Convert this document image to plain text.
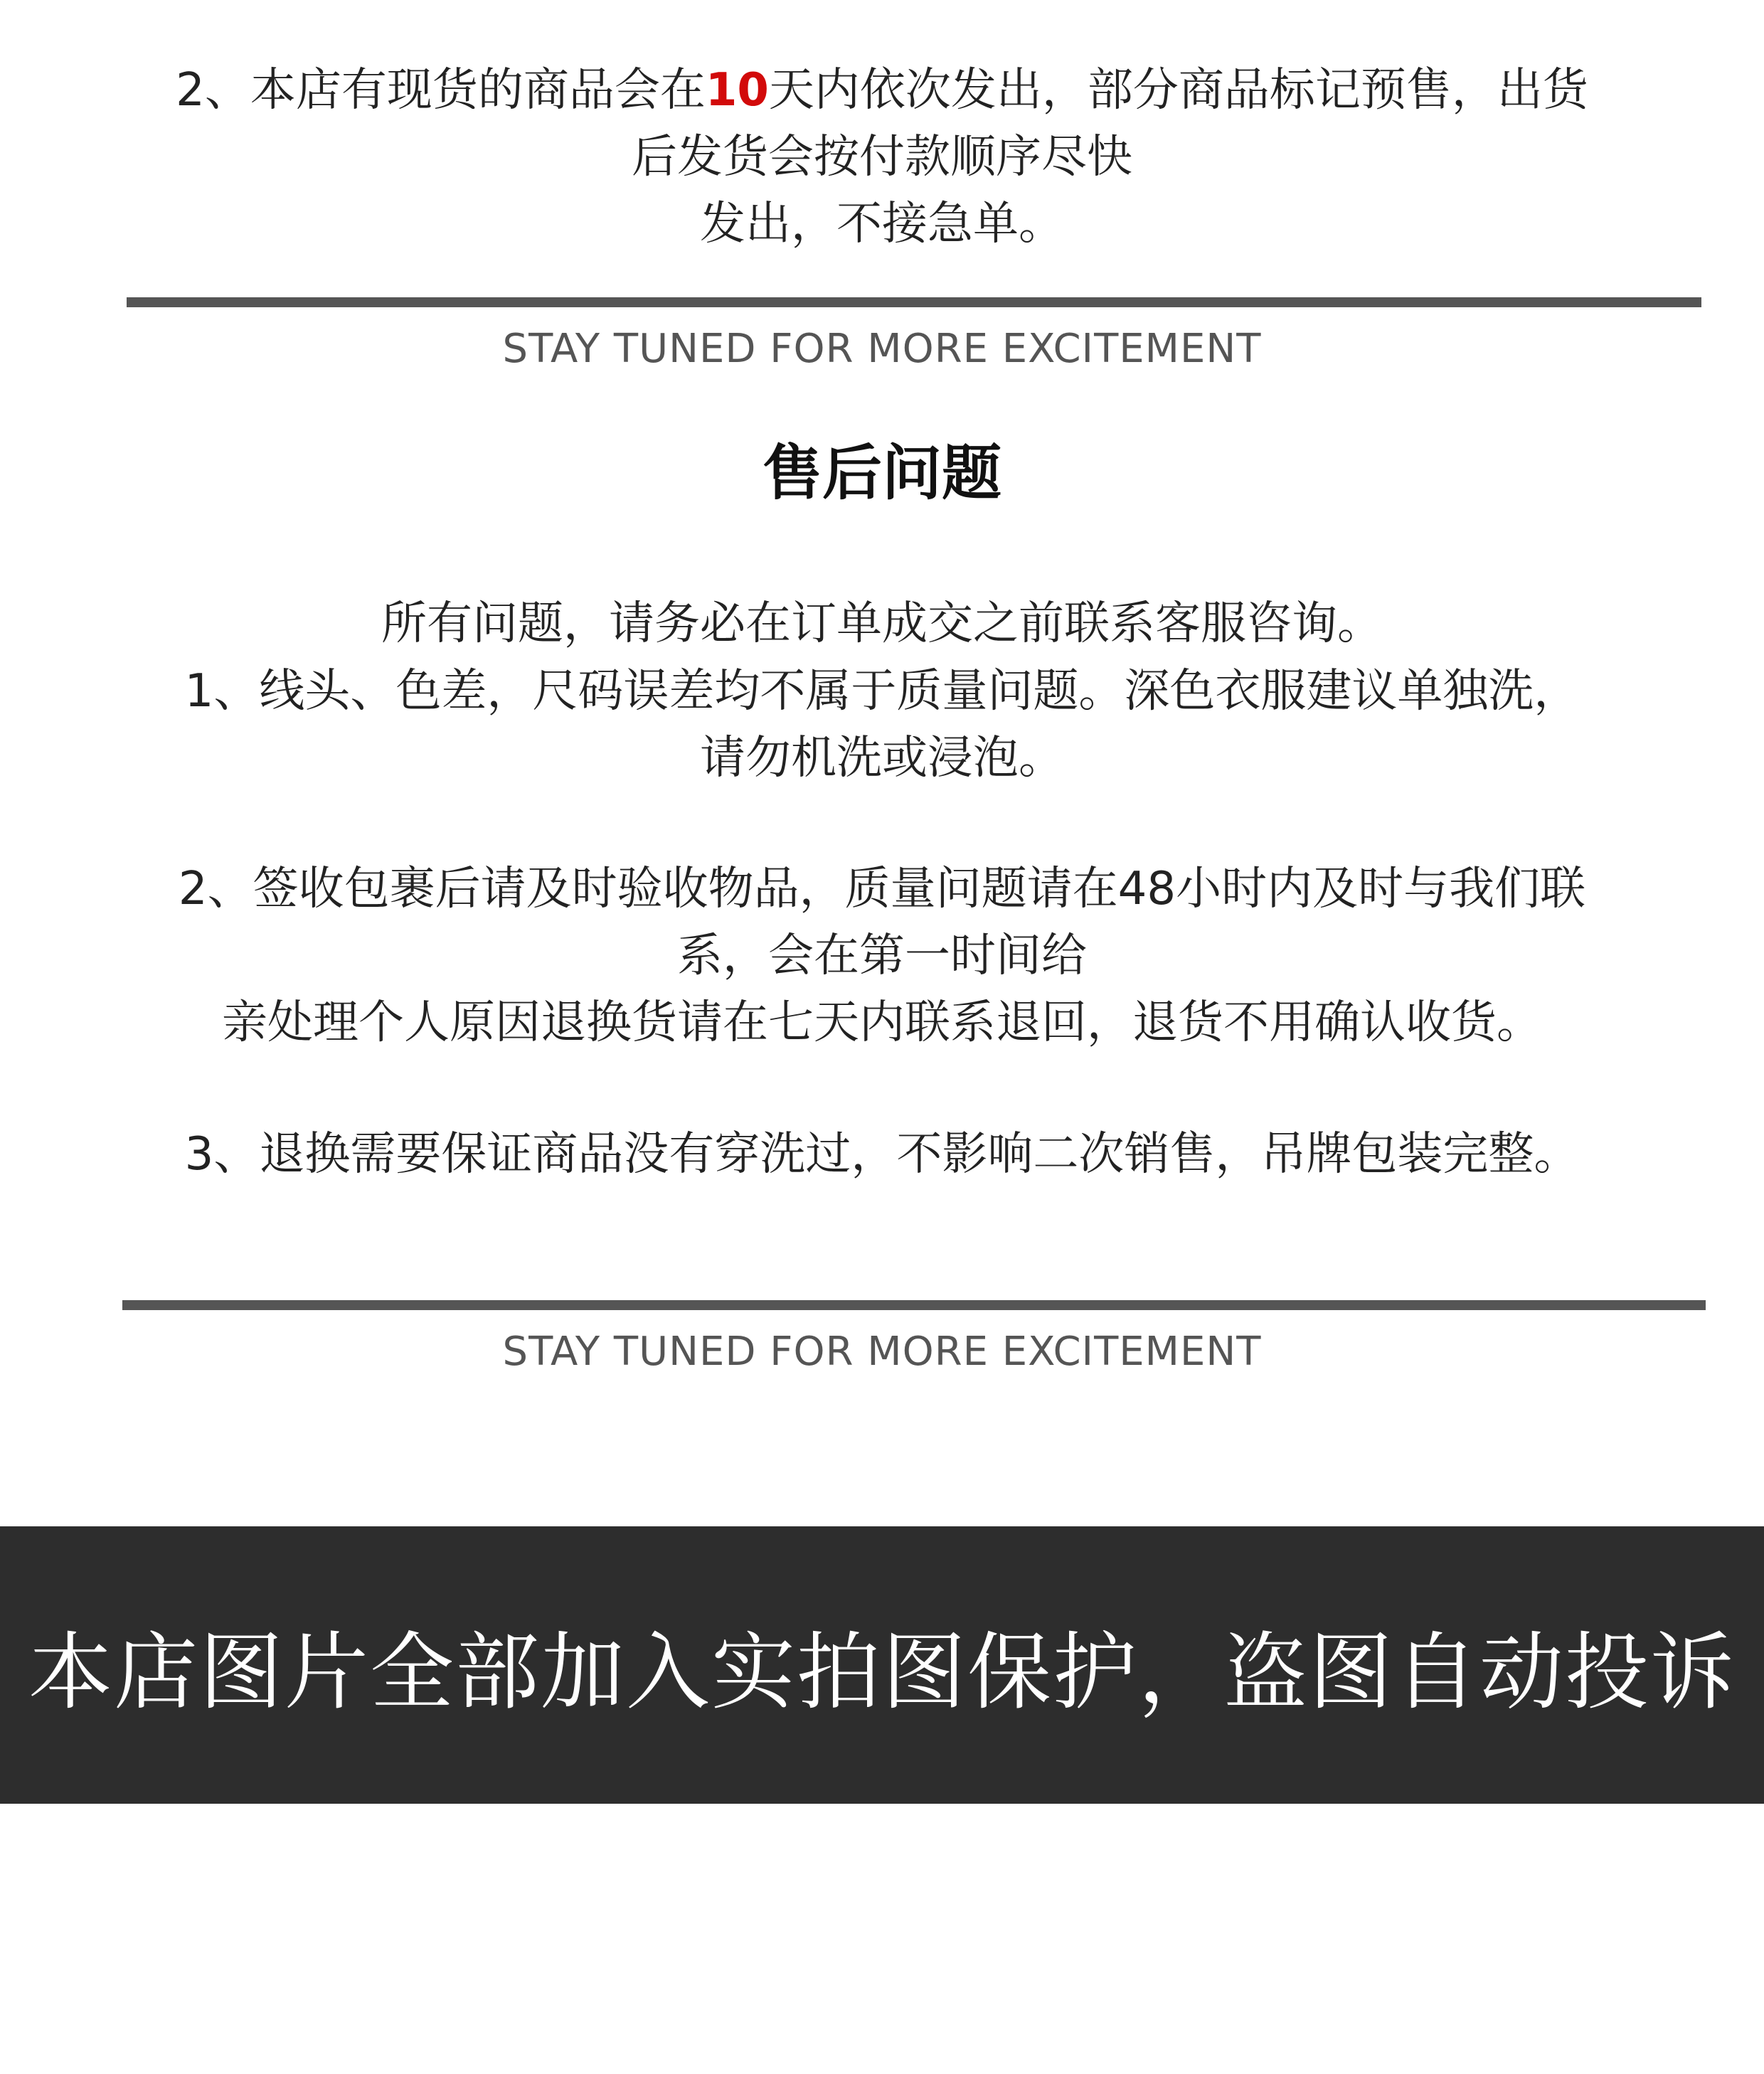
2、本店有现货的商品会在10天内依次发出，部分商品标记预售，出货
后发货会按付款顺序尽快
发出，不接急单。
STAY TUNED FOR MORE EXCITEMENT
售后问题
所有问题，请务必在订单成交之前联系客服咨询。
1、线头、色差，尺码误差均不属于质量问题。深色衣服建议单独洗，
请勿机洗或浸泡。
2、签收包裹后请及时验收物品，质量问题请在48小时内及时与我们联
系，会在第一时间给
亲处理个人原因退换货请在七天内联系退回，退货不用确认收货。
3、退换需要保证商品没有穿洗过，不影响二次销售，吊牌包装完整。
STAY TUNED FOR MORE EXCITEMENT
本店图片全部加入实拍图保护，盗图自动投诉
